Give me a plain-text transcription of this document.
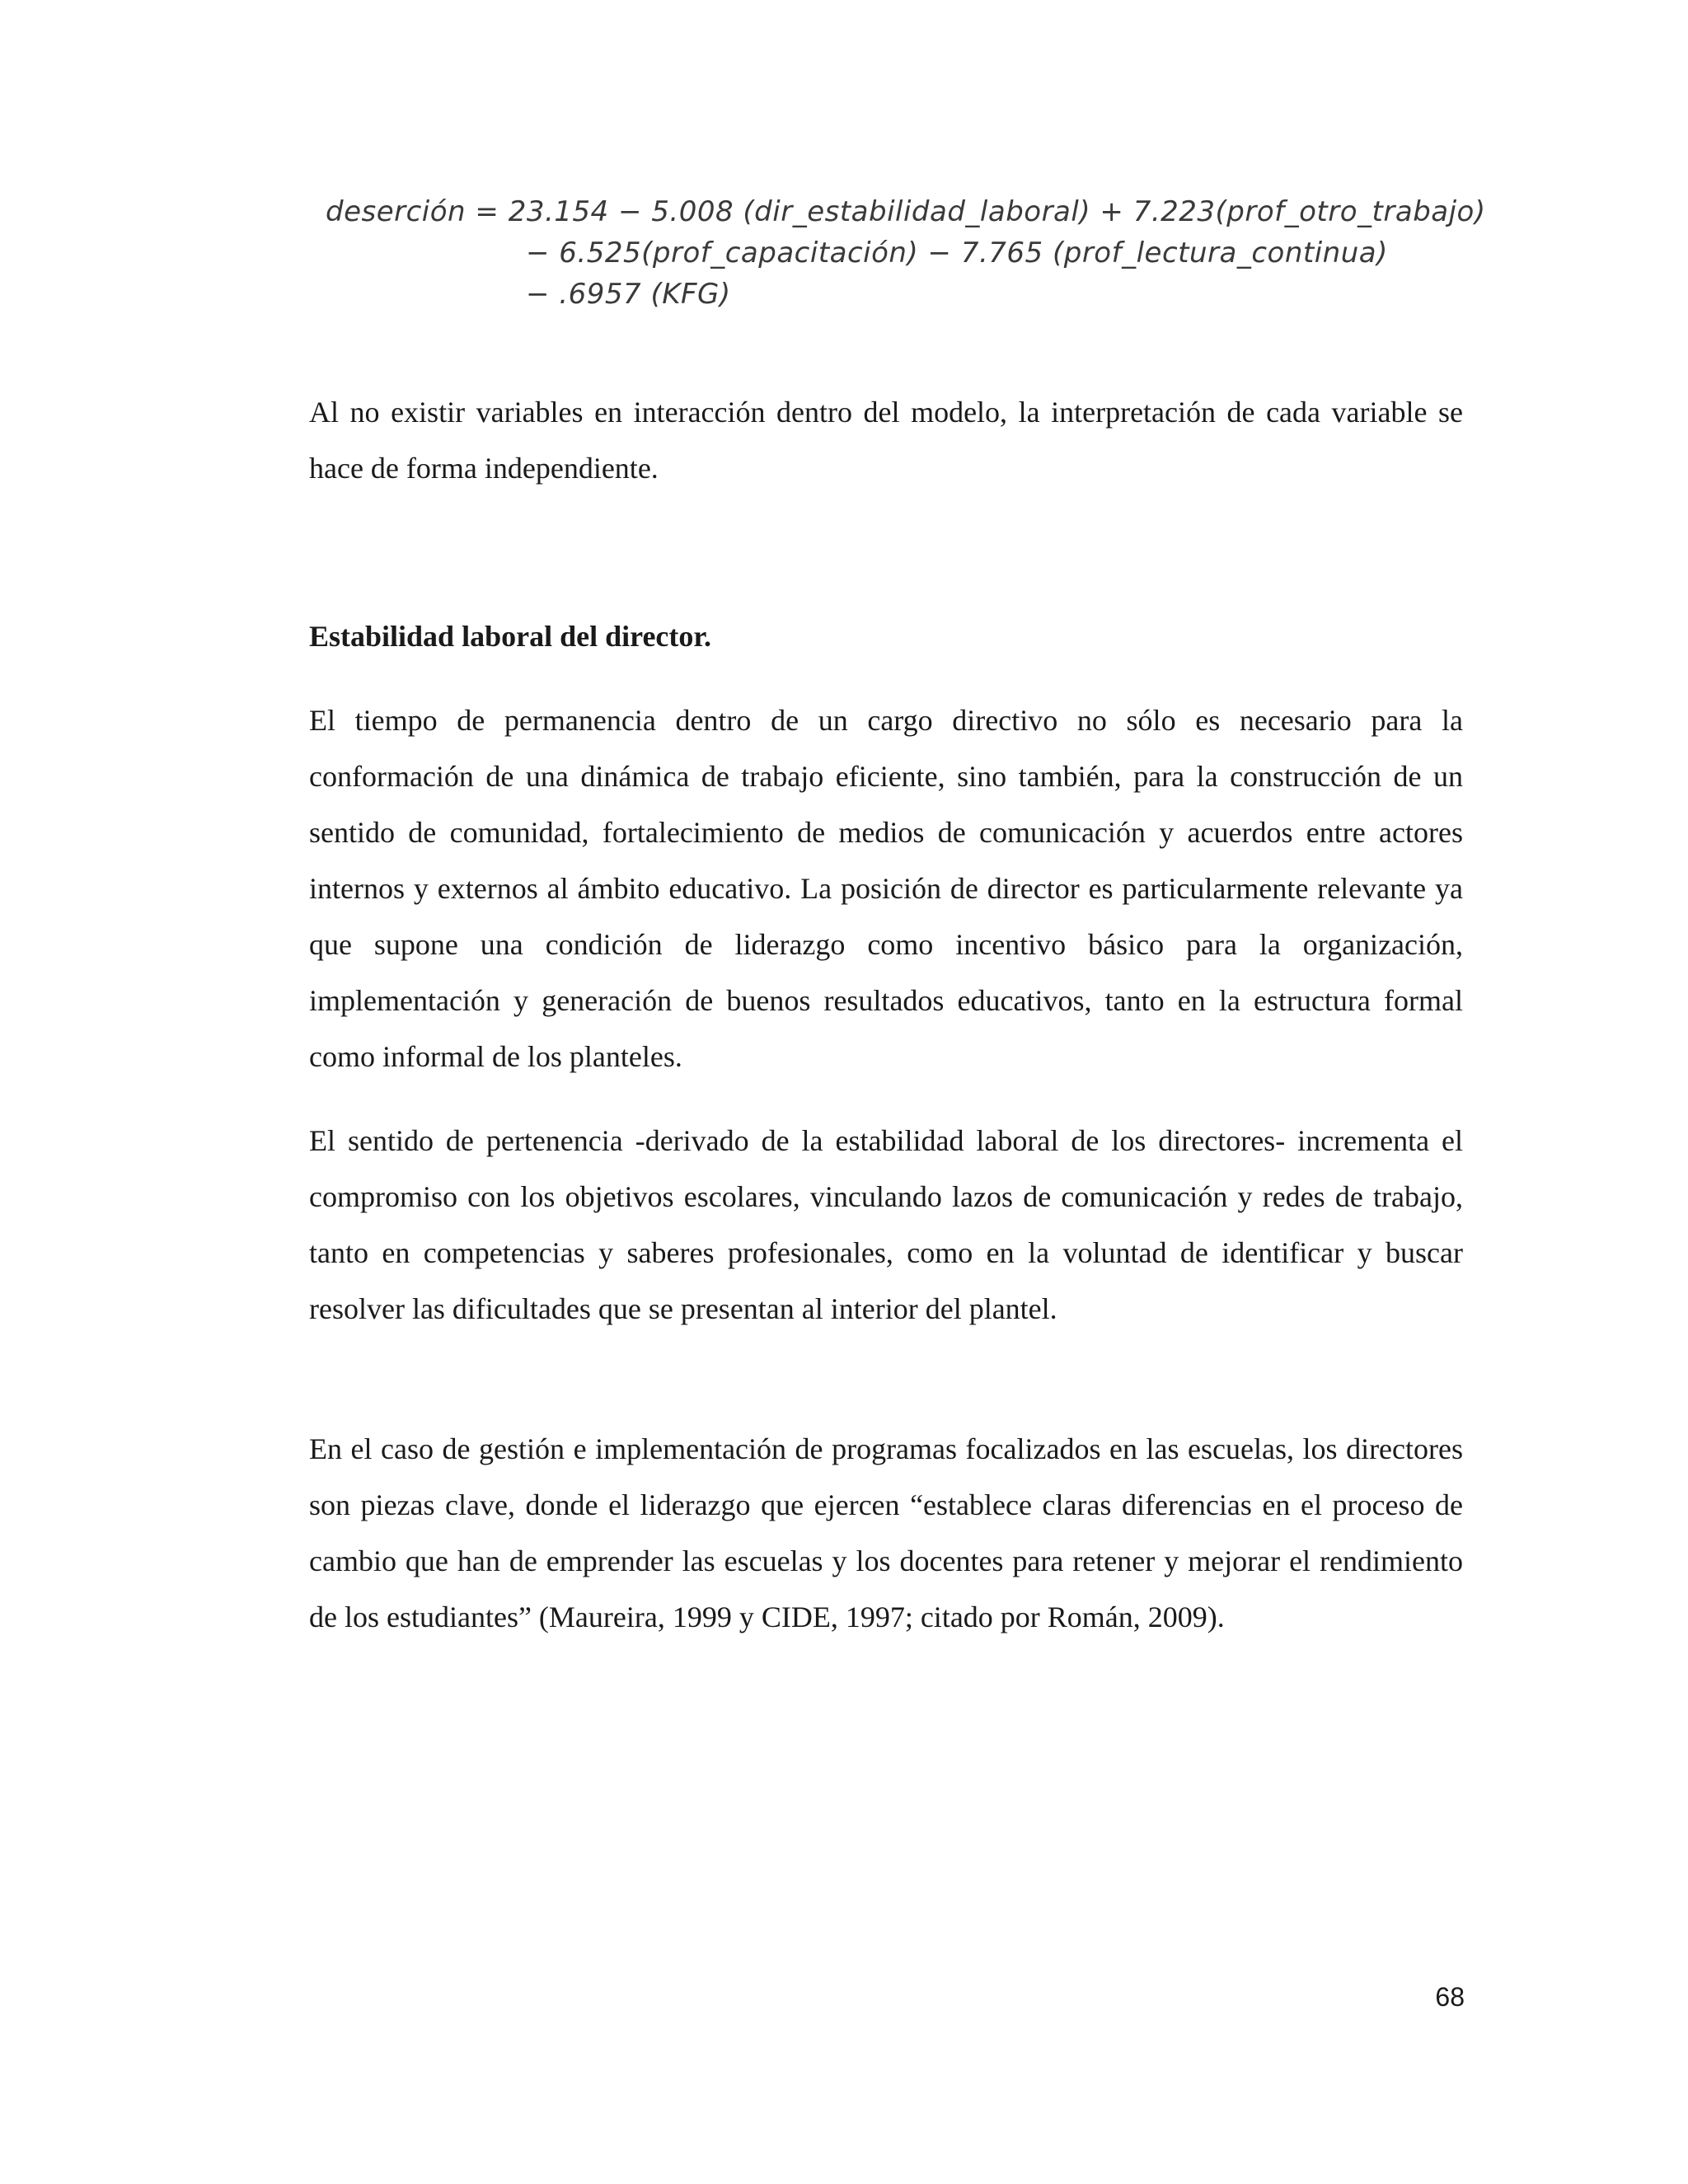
deserción = 23.154 − 5.008 (dir_estabilidad_laboral) + 7.223(prof_otro_trabajo)
− 6.525(prof_capacitación) − 7.765 (prof_lectura_continua)
− .6957 (KFG)

Al no existir variables en interacción dentro del modelo, la interpretación de cada variable se hace de forma independiente.

Estabilidad laboral del director.

El tiempo de permanencia dentro de un cargo directivo no sólo es necesario para la conformación de una dinámica de trabajo eficiente, sino también, para la construcción de un sentido de comunidad, fortalecimiento de medios de comunicación y acuerdos entre actores internos y externos al ámbito educativo. La posición de director es particularmente relevante ya que supone una condición de liderazgo como incentivo básico para la organización, implementación y generación de buenos resultados educativos, tanto en la estructura formal como informal de los planteles.

El sentido de pertenencia -derivado de la estabilidad laboral de los directores- incrementa el compromiso con los objetivos escolares, vinculando lazos de comunicación y redes de trabajo, tanto en competencias y saberes profesionales, como en la voluntad de identificar y buscar resolver las dificultades que se presentan al interior del plantel.

En el caso de gestión e implementación de programas focalizados en las escuelas, los directores son piezas clave, donde el liderazgo que ejercen “establece claras diferencias en el proceso de cambio que han de emprender las escuelas y los docentes para retener y mejorar el rendimiento de los estudiantes” (Maureira, 1999 y CIDE, 1997; citado por Román, 2009).

68
